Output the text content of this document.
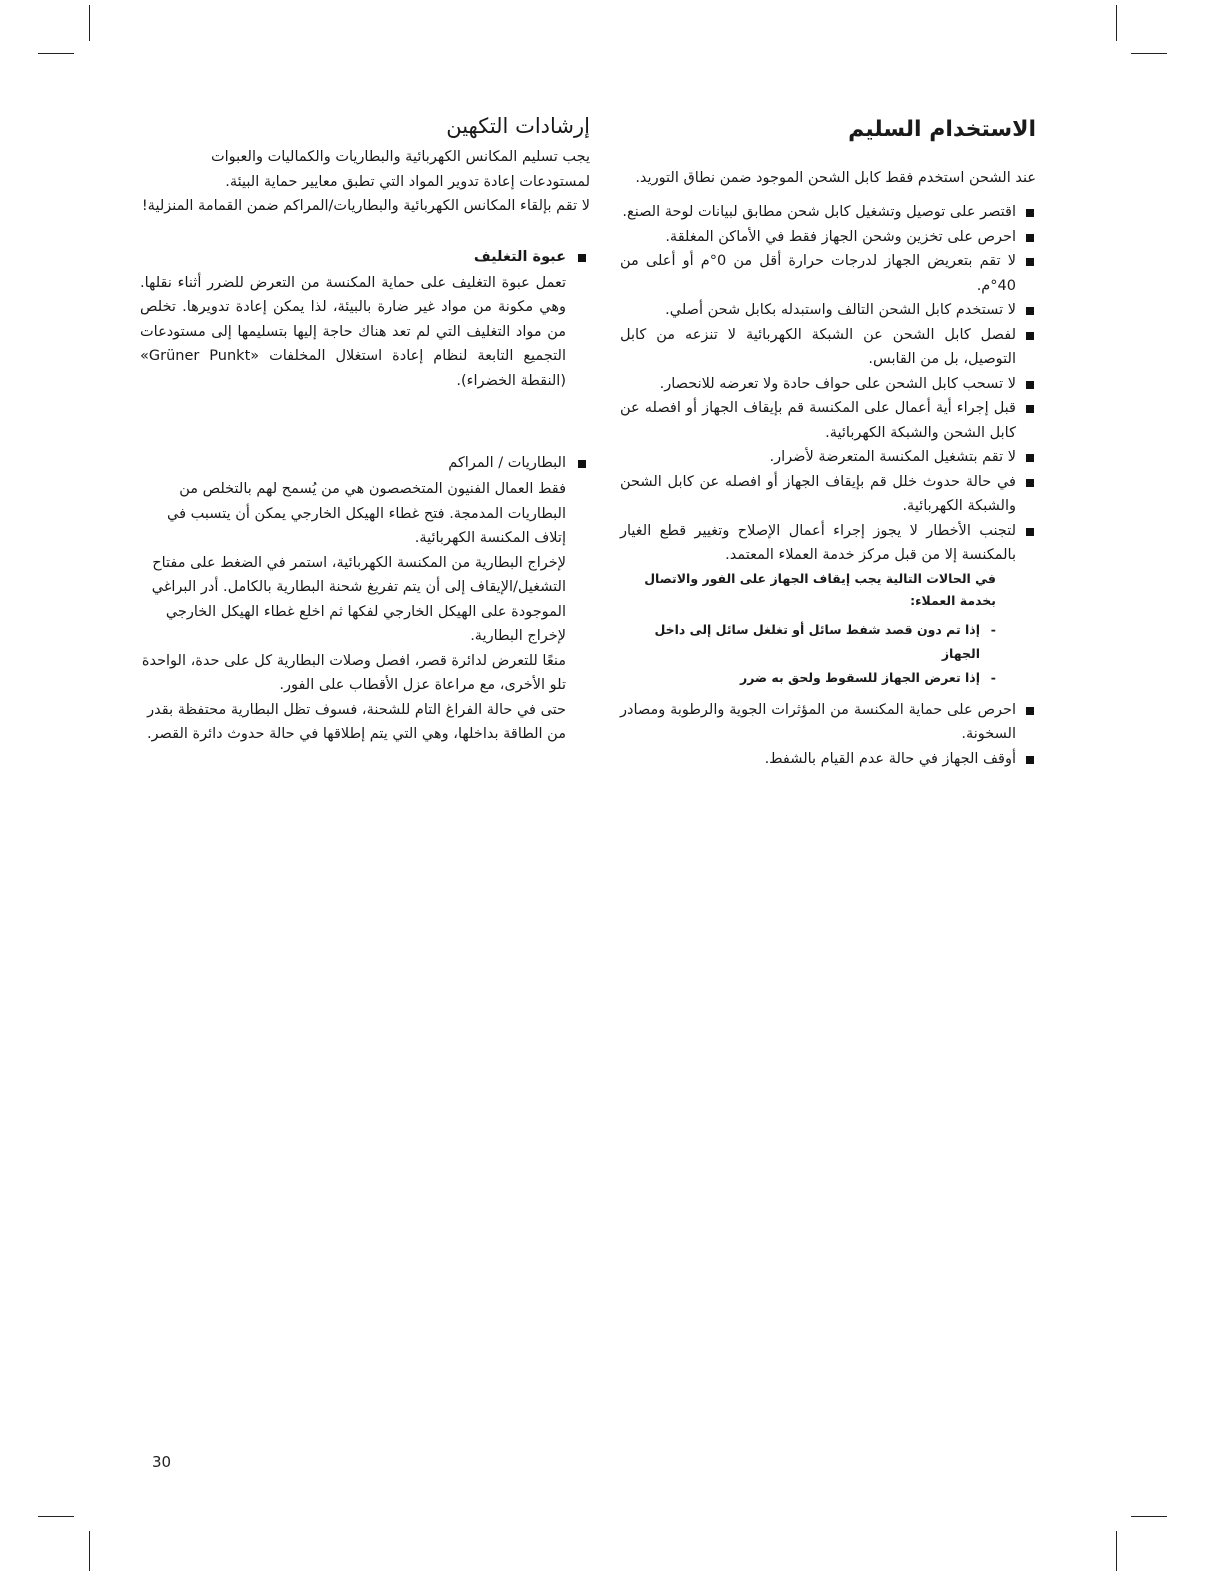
الاستخدام السليم

عند الشحن استخدم فقط كابل الشحن الموجود ضمن نطاق التوريد.

اقتصر على توصيل وتشغيل كابل شحن مطابق لبيانات لوحة الصنع.
احرص على تخزين وشحن الجهاز فقط في الأماكن المغلقة.
لا تقم بتعريض الجهاز لدرجات حرارة أقل من 0°م أو أعلى من 40°م.
لا تستخدم كابل الشحن التالف واستبدله بكابل شحن أصلي.
لفصل كابل الشحن عن الشبكة الكهربائية لا تنزعه من كابل التوصيل، بل من القابس.
لا تسحب كابل الشحن على حواف حادة ولا تعرضه للانحصار.
قبل إجراء أية أعمال على المكنسة قم بإيقاف الجهاز أو افصله عن كابل الشحن والشبكة الكهربائية.
لا تقم بتشغيل المكنسة المتعرضة لأضرار.
في حالة حدوث خلل قم بإيقاف الجهاز أو افصله عن كابل الشحن والشبكة الكهربائية.
لتجنب الأخطار لا يجوز إجراء أعمال الإصلاح وتغيير قطع الغيار بالمكنسة إلا من قبل مركز خدمة العملاء المعتمد.

في الحالات التالية يجب إيقاف الجهاز على الفور والاتصال بخدمة العملاء:

-
إذا تم دون قصد شفط سائل أو تغلغل سائل إلى داخل الجهاز
-
إذا تعرض الجهاز للسقوط ولحق به ضرر
احرص على حماية المكنسة من المؤثرات الجوية والرطوبة ومصادر السخونة.
أوقف الجهاز في حالة عدم القيام بالشفط.
إرشادات التكهين

يجب تسليم المكانس الكهربائية والبطاريات والكماليات والعبوات لمستودعات إعادة تدوير المواد التي تطبق معايير حماية البيئة.

لا تقم بإلقاء المكانس الكهربائية والبطاريات/المراكم ضمن القمامة المنزلية!

عبوة التغليف

تعمل عبوة التغليف على حماية المكنسة من التعرض للضرر أثناء نقلها. وهي مكونة من مواد غير ضارة بالبيئة، لذا يمكن إعادة تدويرها. تخلص من مواد التغليف التي لم تعد هناك حاجة إليها بتسليمها إلى مستودعات التجميع التابعة لنظام إعادة استغلال المخلفات «Grüner Punkt» (النقطة الخضراء).

البطاريات / المراكم

فقط العمال الفنيون المتخصصون هي من يُسمح لهم بالتخلص من البطاريات المدمجة. فتح غطاء الهيكل الخارجي يمكن أن يتسبب في إتلاف المكنسة الكهربائية.

لإخراج البطارية من المكنسة الكهربائية، استمر في الضغط على مفتاح التشغيل/الإيقاف إلى أن يتم تفريغ شحنة البطارية بالكامل. أدر البراغي الموجودة على الهيكل الخارجي لفكها ثم اخلع غطاء الهيكل الخارجي لإخراج البطارية.

منعًا للتعرض لدائرة قصر، افصل وصلات البطارية كل على حدة، الواحدة تلو الأخرى، مع مراعاة عزل الأقطاب على الفور.

حتى في حالة الفراغ التام للشحنة، فسوف تظل البطارية محتفظة بقدر من الطاقة بداخلها، وهي التي يتم إطلاقها في حالة حدوث دائرة القصر.

30
